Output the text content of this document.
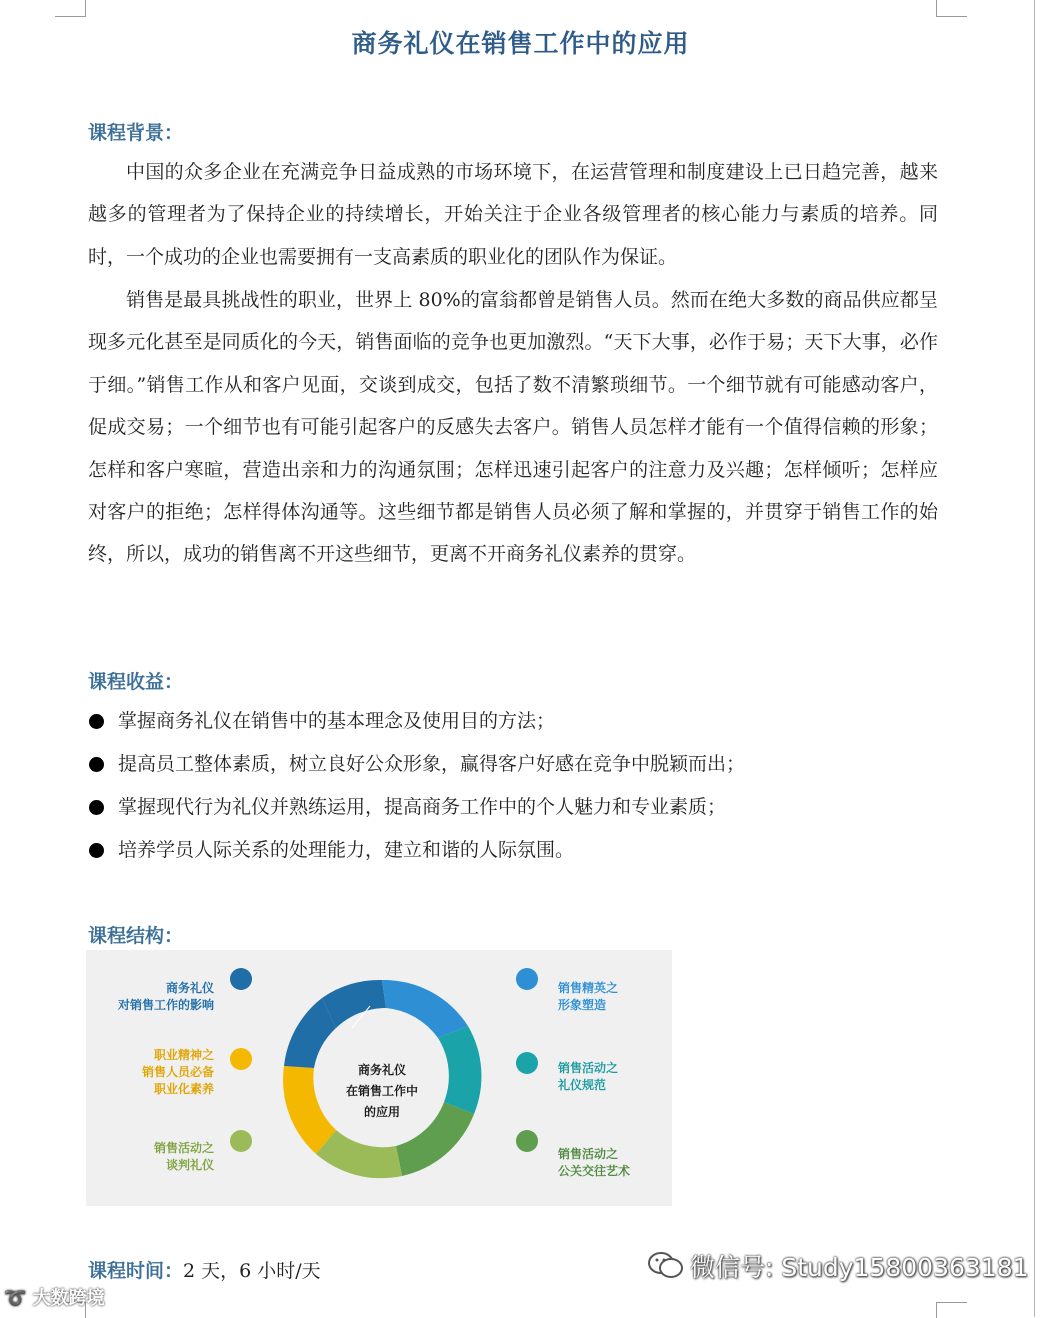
商务礼仪在销售工作中的应用
课程背景：

中国的众多企业在充满竞争日益成熟的市场环境下，在运营管理和制度建设上已日趋完善，越来越多的管理者为了保持企业的持续增长，开始关注于企业各级管理者的核心能力与素质的培养。同时，一个成功的企业也需要拥有一支高素质的职业化的团队作为保证。

销售是最具挑战性的职业，世界上 80%的富翁都曾是销售人员。然而在绝大多数的商品供应都呈现多元化甚至是同质化的今天，销售面临的竞争也更加激烈。“天下大事，必作于易；天下大事，必作于细。”销售工作从和客户见面，交谈到成交，包括了数不清繁琐细节。一个细节就有可能感动客户，促成交易；一个细节也有可能引起客户的反感失去客户。销售人员怎样才能有一个值得信赖的形象；怎样和客户寒暄，营造出亲和力的沟通氛围；怎样迅速引起客户的注意力及兴趣；怎样倾听；怎样应对客户的拒绝；怎样得体沟通等。这些细节都是销售人员必须了解和掌握的，并贯穿于销售工作的始终，所以，成功的销售离不开这些细节，更离不开商务礼仪素养的贯穿。

课程收益：
掌握商务礼仪在销售中的基本理念及使用目的方法；
提高员工整体素质，树立良好公众形象，赢得客户好感在竞争中脱颖而出；
掌握现代行为礼仪并熟练运用，提高商务工作中的个人魅力和专业素质；
培养学员人际关系的处理能力，建立和谐的人际氛围。
课程结构：
商务礼仪
在销售工作中
的应用
商务礼仪
对销售工作的影响
职业精神之
销售人员必备
职业化素养
销售活动之
谈判礼仪
销售精英之
形象塑造
销售活动之
礼仪规范
销售活动之
公关交往艺术
课程时间：2 天，6 小时/天	微信号: Study15800363181
➰ 大数跨境
